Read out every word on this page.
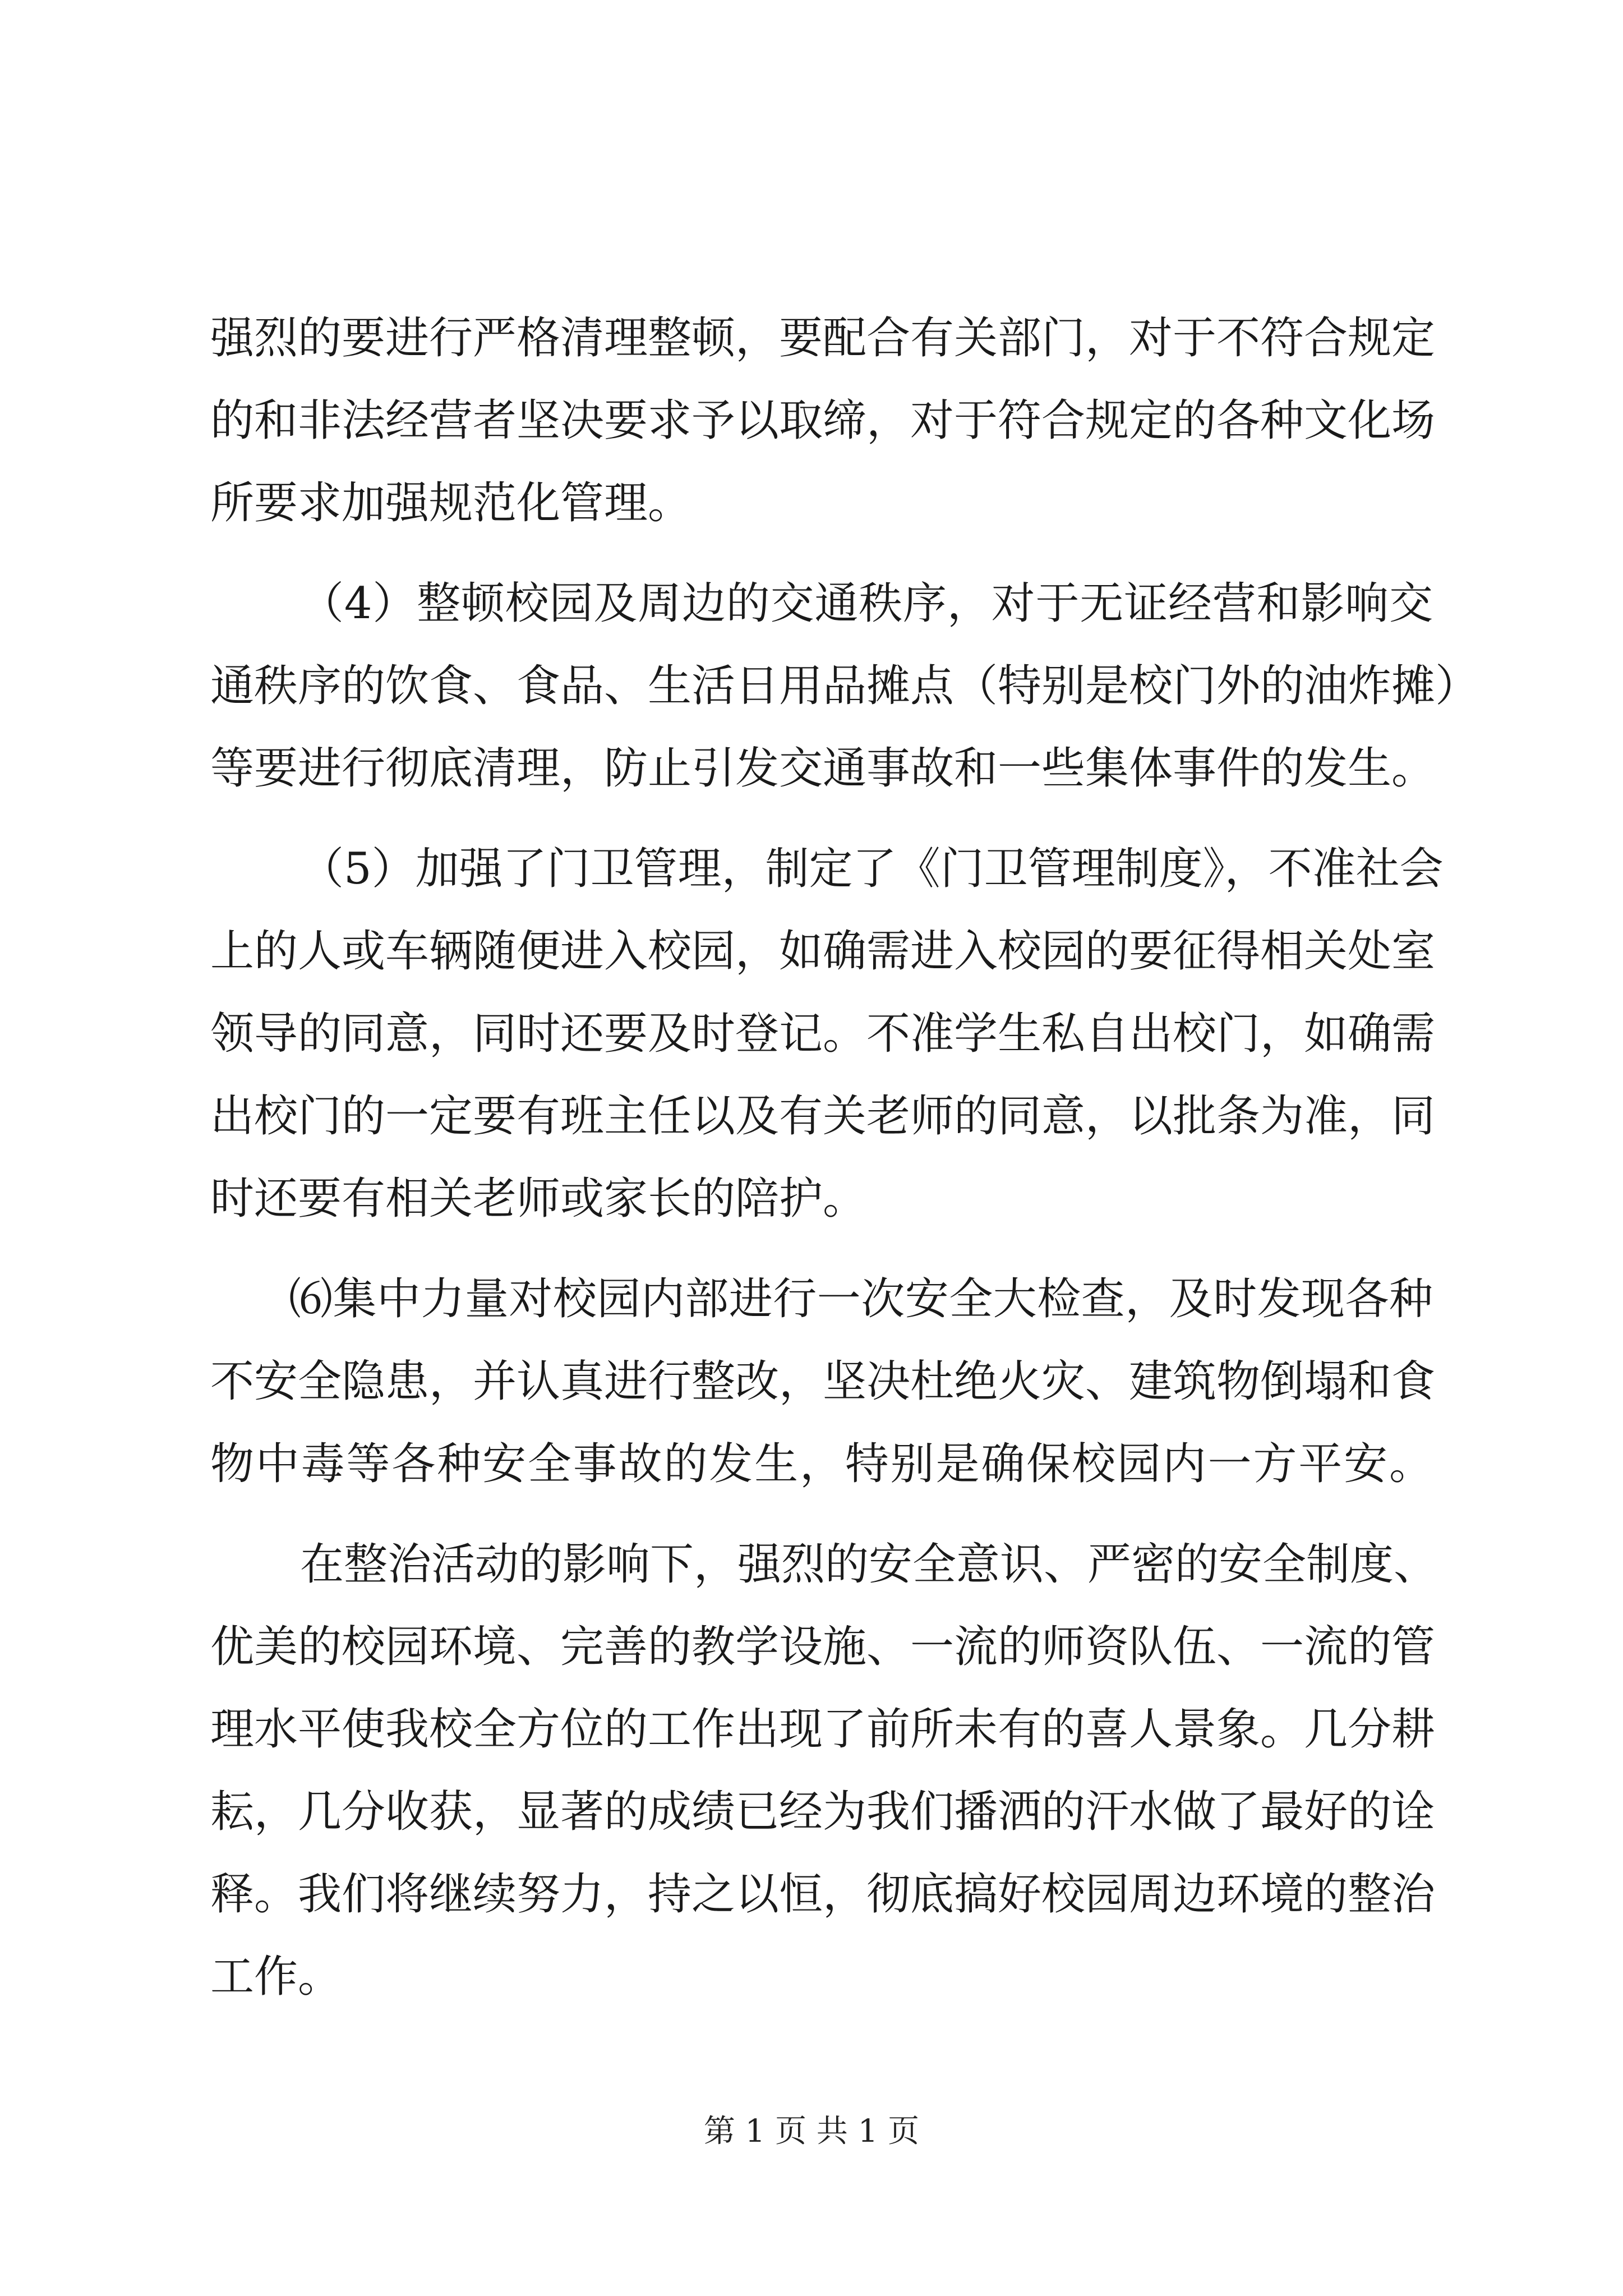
强烈的要进行严格清理整顿，要配合有关部门，对于不符合规定
的和非法经营者坚决要求予以取缔，对于符合规定的各种文化场
所要求加强规范化管理。
（4）整顿校园及周边的交通秩序，对于无证经营和影响交
通秩序的饮食、食品、生活日用品摊点（特别是校门外的油炸摊）
等要进行彻底清理，防止引发交通事故和一些集体事件的发生。
（5）加强了门卫管理，制定了《门卫管理制度》，不准社会
上的人或车辆随便进入校园，如确需进入校园的要征得相关处室
领导的同意，同时还要及时登记。不准学生私自出校门，如确需
出校门的一定要有班主任以及有关老师的同意，以批条为准，同
时还要有相关老师或家长的陪护。
⑹集中力量对校园内部进行一次安全大检查，及时发现各种
不安全隐患，并认真进行整改，坚决杜绝火灾、建筑物倒塌和食
物中毒等各种安全事故的发生，特别是确保校园内一方平安。
在整治活动的影响下，强烈的安全意识、严密的安全制度、
优美的校园环境、完善的教学设施、一流的师资队伍、一流的管
理水平使我校全方位的工作出现了前所未有的喜人景象。几分耕
耘，几分收获，显著的成绩已经为我们播洒的汗水做了最好的诠
释。我们将继续努力，持之以恒，彻底搞好校园周边环境的整治
工作。
第 1 页 共 1 页
